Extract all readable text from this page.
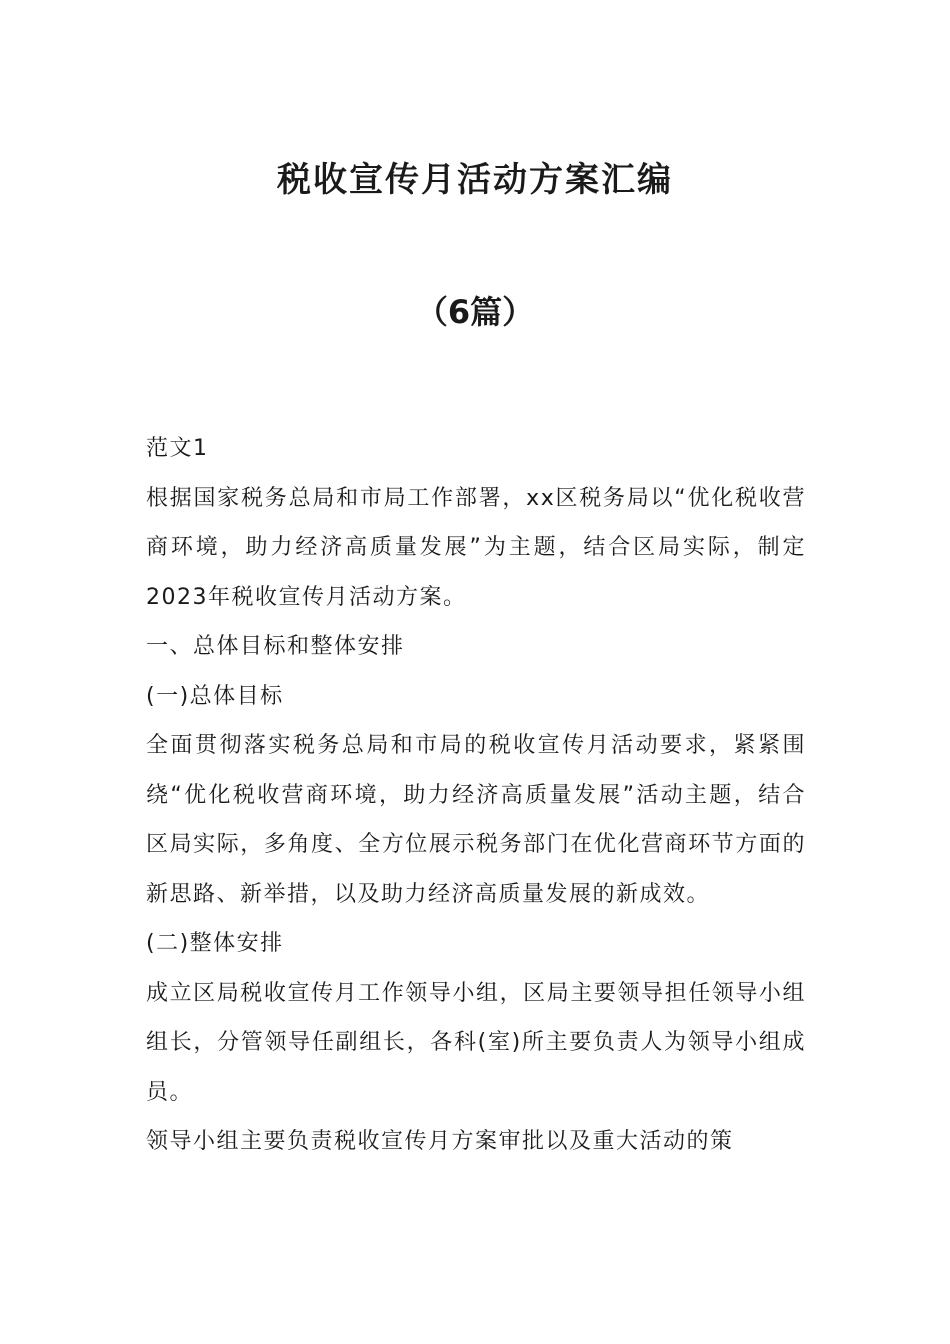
税收宣传月活动方案汇编
（6篇）

范文1

根据国家税务总局和市局工作部署，xx区税务局以“优化税收营商环境，助力经济高质量发展”为主题，结合区局实际，制定2023年税收宣传月活动方案。

一、总体目标和整体安排

(一)总体目标

全面贯彻落实税务总局和市局的税收宣传月活动要求，紧紧围绕“优化税收营商环境，助力经济高质量发展”活动主题，结合区局实际，多角度、全方位展示税务部门在优化营商环节方面的新思路、新举措，以及助力经济高质量发展的新成效。

(二)整体安排

成立区局税收宣传月工作领导小组，区局主要领导担任领导小组组长，分管领导任副组长，各科(室)所主要负责人为领导小组成员。

领导小组主要负责税收宣传月方案审批以及重大活动的策
